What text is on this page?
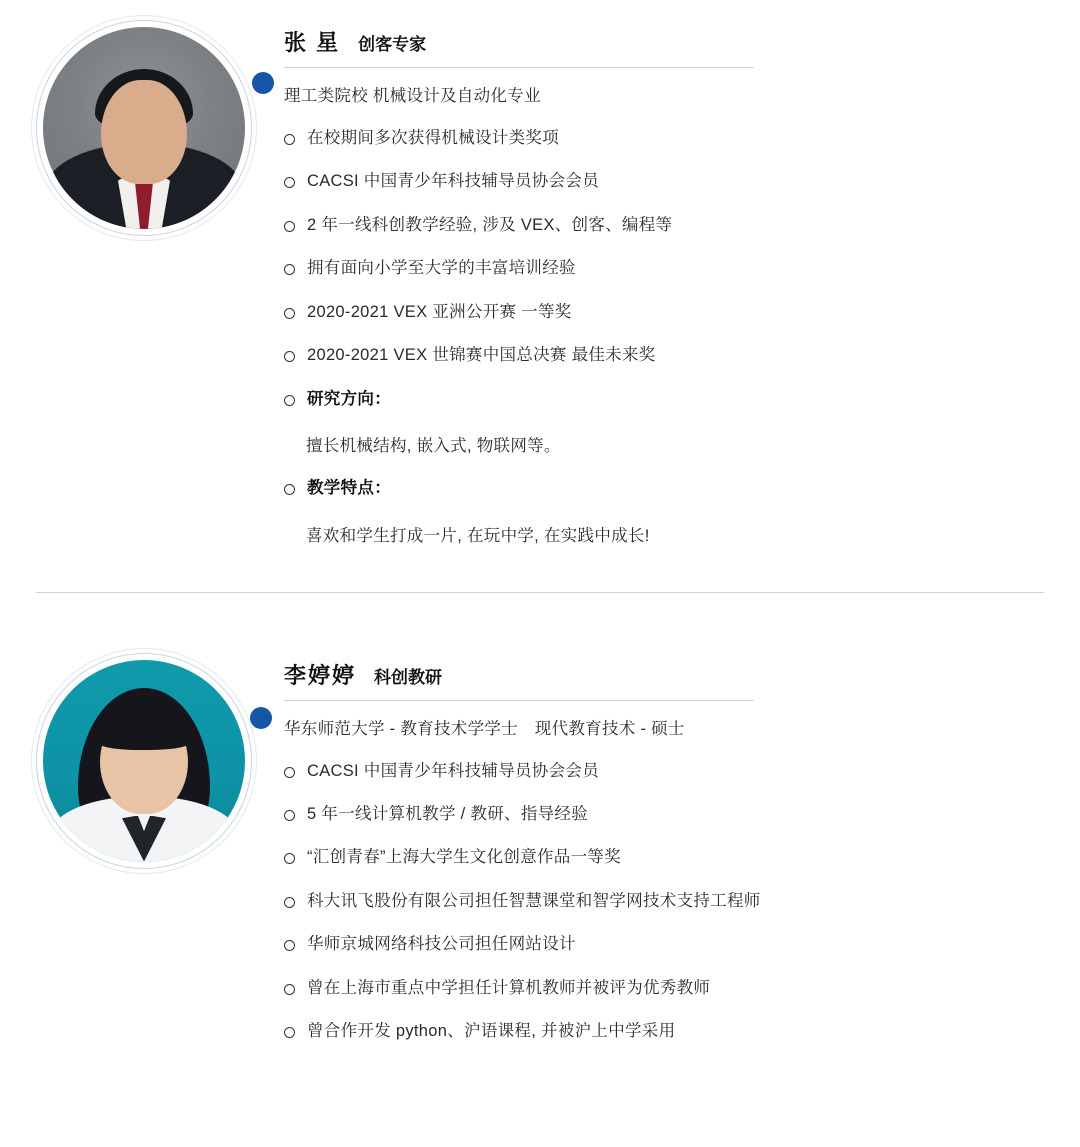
张 星 创客专家
理工类院校 机械设计及自动化专业
在校期间多次获得机械设计类奖项
CACSI 中国青少年科技辅导员协会会员
2 年一线科创教学经验, 涉及 VEX、创客、编程等
拥有面向小学至大学的丰富培训经验
2020-2021 VEX 亚洲公开赛 一等奖
2020-2021 VEX 世锦赛中国总决赛 最佳未来奖
研究方向：
擅长机械结构, 嵌入式, 物联网等。
教学特点：
喜欢和学生打成一片, 在玩中学, 在实践中成长!
李婷婷 科创教研
华东师范大学 - 教育技术学学士　现代教育技术 - 硕士
CACSI 中国青少年科技辅导员协会会员
5 年一线计算机教学 / 教研、指导经验
“汇创青春”上海大学生文化创意作品一等奖
科大讯飞股份有限公司担任智慧课堂和智学网技术支持工程师
华师京城网络科技公司担任网站设计
曾在上海市重点中学担任计算机教师并被评为优秀教师
曾合作开发 python、沪语课程, 并被沪上中学采用
